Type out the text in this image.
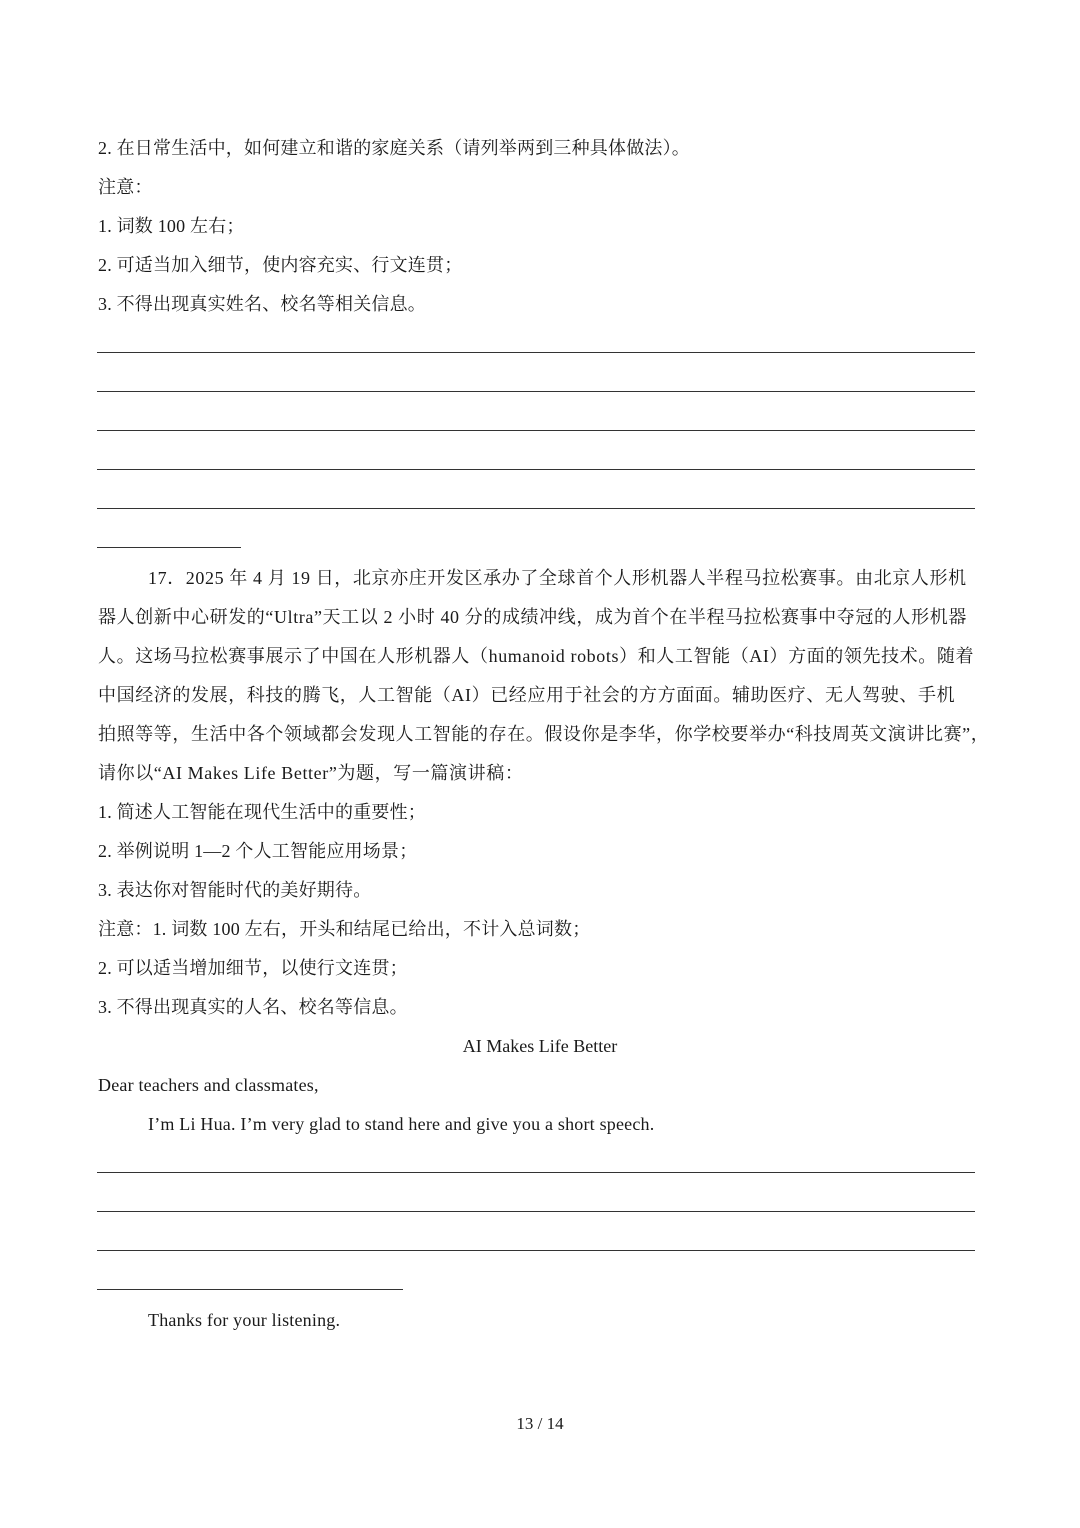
2. 在日常生活中，如何建立和谐的家庭关系（请列举两到三种具体做法）。
注意：
1. 词数 100 左右；
2. 可适当加入细节，使内容充实、行文连贯；
3. 不得出现真实姓名、校名等相关信息。
17．2025 年 4 月 19 日，北京亦庄开发区承办了全球首个人形机器人半程马拉松赛事。由北京人形机
器人创新中心研发的“Ultra”天工以 2 小时 40 分的成绩冲线，成为首个在半程马拉松赛事中夺冠的人形机器
人。这场马拉松赛事展示了中国在人形机器人（humanoid robots）和人工智能（AI）方面的领先技术。随着
中国经济的发展，科技的腾飞，人工智能（AI）已经应用于社会的方方面面。辅助医疗、无人驾驶、手机
拍照等等，生活中各个领域都会发现人工智能的存在。假设你是李华，你学校要举办“科技周英文演讲比赛”，
请你以“AI Makes Life Better”为题，写一篇演讲稿：
1. 简述人工智能在现代生活中的重要性；
2. 举例说明 1—2 个人工智能应用场景；
3. 表达你对智能时代的美好期待。
注意：1. 词数 100 左右，开头和结尾已给出，不计入总词数；
2. 可以适当增加细节，以使行文连贯；
3. 不得出现真实的人名、校名等信息。
AI Makes Life Better
Dear teachers and classmates,
I’m Li Hua. I’m very glad to stand here and give you a short speech.
Thanks for your listening.
13 / 14
